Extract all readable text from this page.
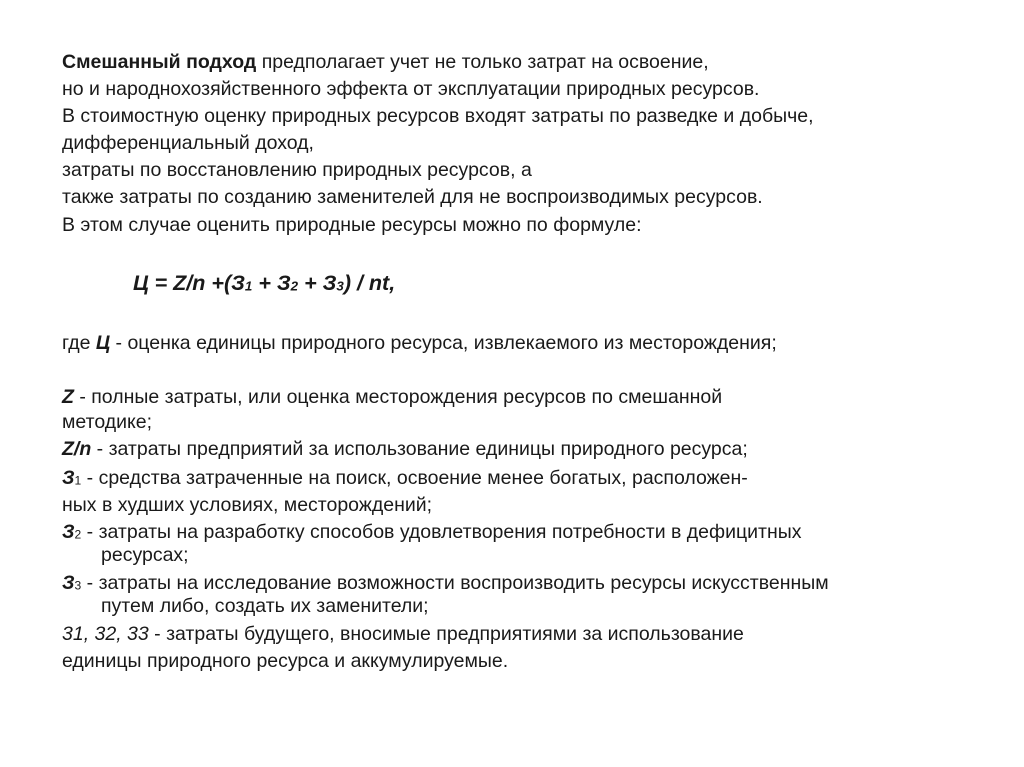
Смешанный подход предполагает учет не только затрат на освоение,
но и народнохозяйственного эффекта от эксплуатации природных ресурсов.
В стоимостную оценку природных ресурсов входят затраты по разведке и добыче,
дифференциальный доход,
затраты по восстановлению природных ресурсов, а
также затраты по созданию заменителей для не воспроизводимых ресурсов.
В этом случае оценить природные ресурсы можно по формуле:
Ц = Z/n +(З1 + З2 + З3) / nt,
где Ц - оценка единицы природного ресурса, извлекаемого из месторождения;
Z - полные затраты, или оценка месторождения ресурсов по смешанной
методике;
Z/n - затраты предприятий за использование единицы природного ресурса;
З1 - средства затраченные на поиск, освоение менее богатых, расположен-
ных в худших условиях, месторождений;
З2 - затраты на разработку способов удовлетворения потребности в дефицитных
ресурсах;
З3 - затраты на исследование возможности воспроизводить ресурсы искусственным
путем либо, создать их заменители;
31, 32, 33 - затраты будущего, вносимые предприятиями за использование
единицы природного ресурса и аккумулируемые.
